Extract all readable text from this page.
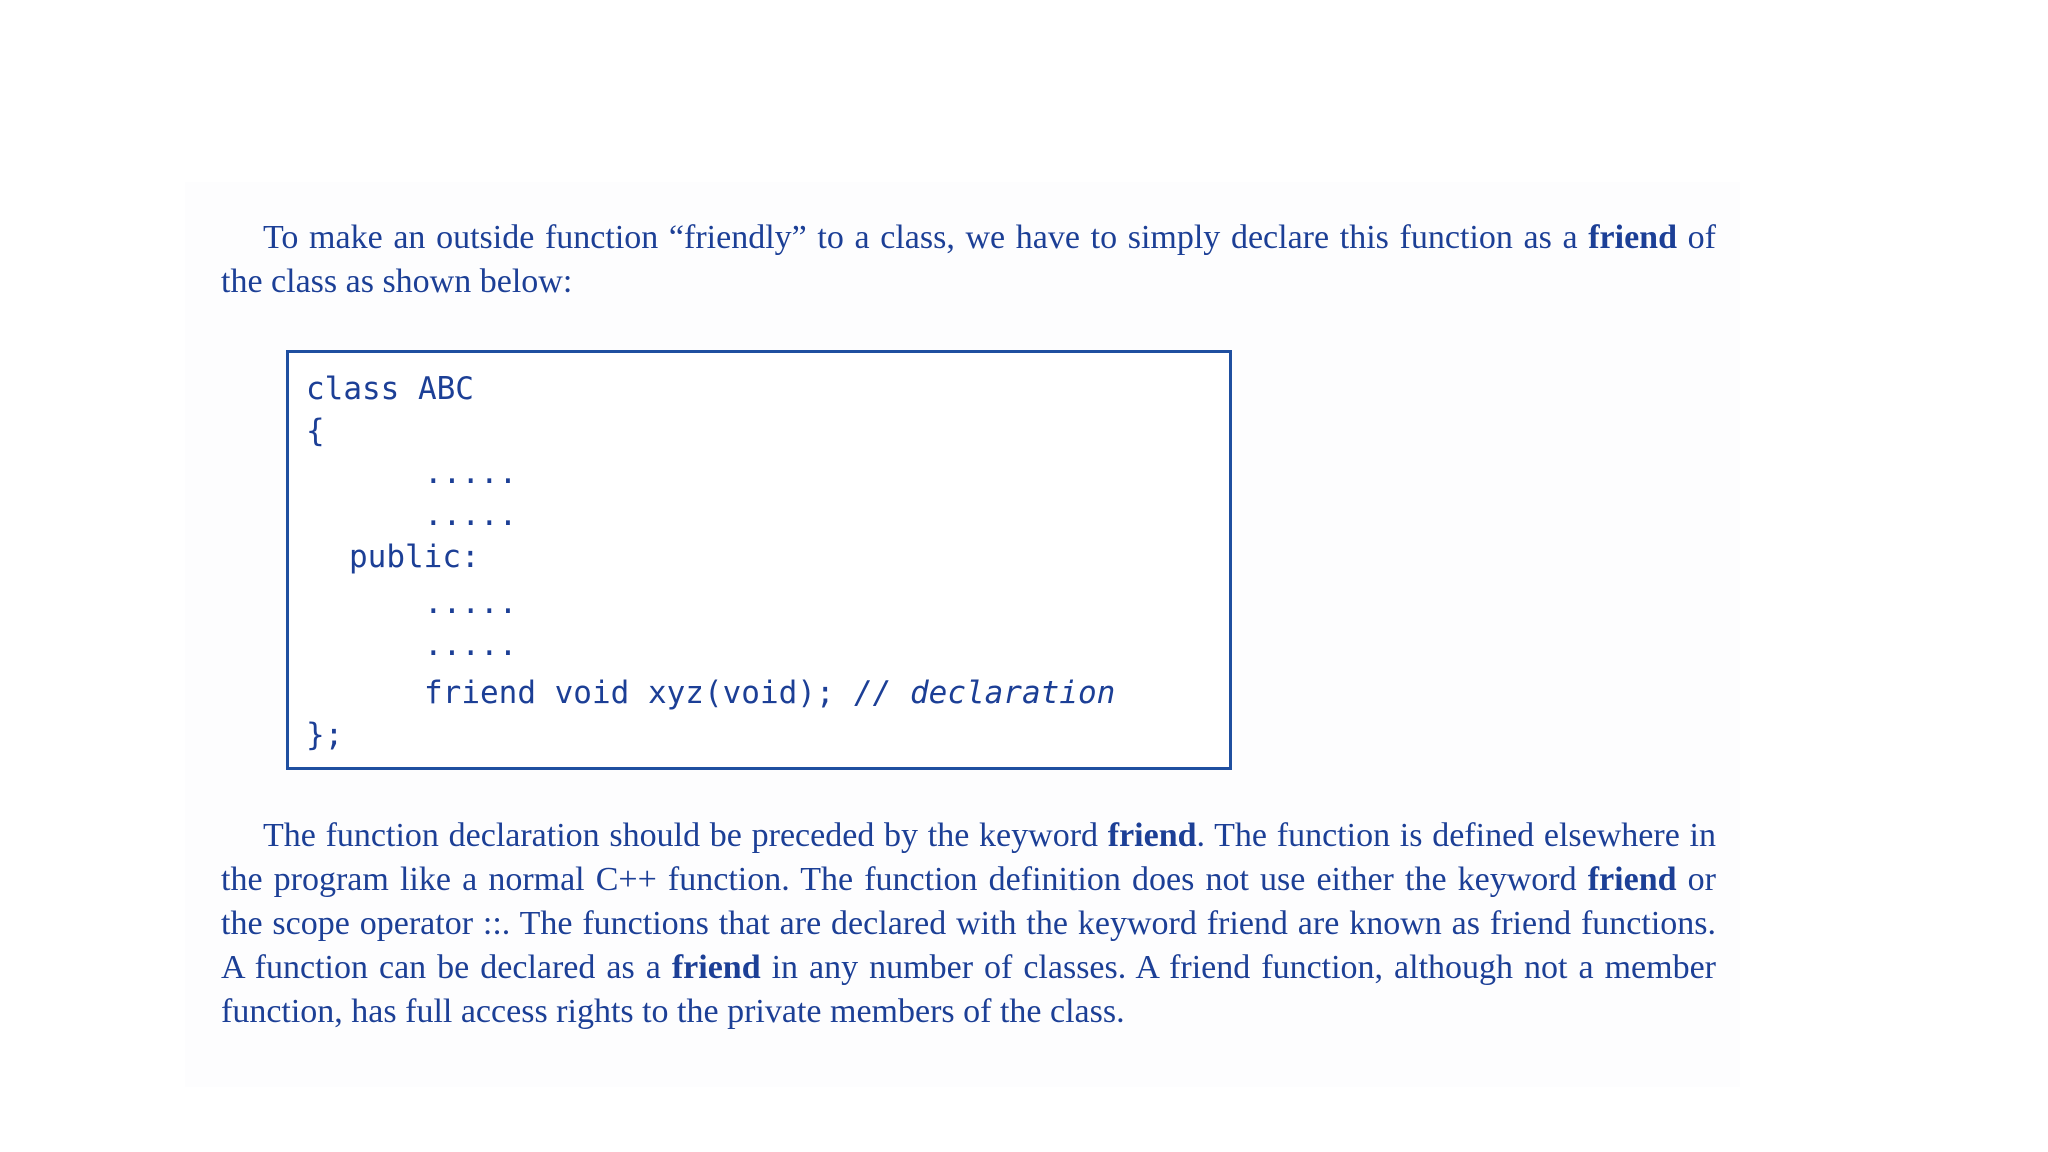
To make an outside function “friendly” to a class, we have to simply declare this function as a friend of the class as shown below:

class ABC
{
.....
.....
public:
.....
.....
friend void xyz(void); // declaration
};

The function declaration should be preceded by the keyword friend. The function is defined elsewhere in the program like a normal C++ function. The function definition does not use either the keyword friend or the scope operator ::. The functions that are declared with the keyword friend are known as friend functions. A function can be declared as a friend in any number of classes. A friend function, although not a member function, has full access rights to the private members of the class.
